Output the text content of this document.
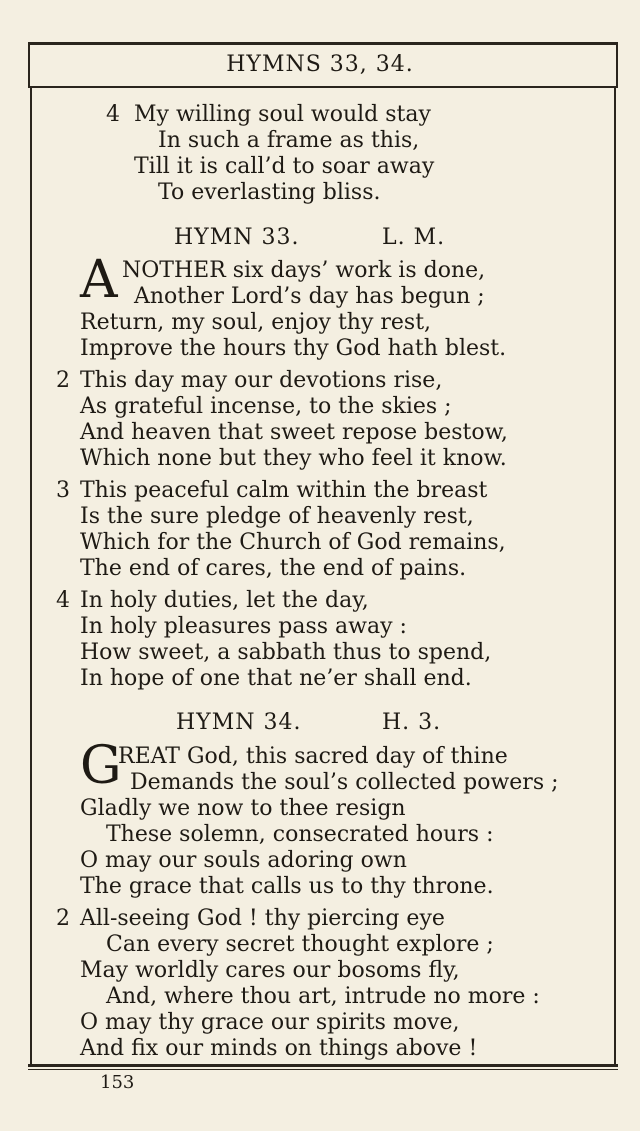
HYMNS 33, 34.
4 My willing soul would stay
In such a frame as this,
Till it is call’d to soar away
To everlasting bliss.
HYMN 33.	L. M.
A NOTHER six days’ work is done,
Another Lord’s day has begun ;
Return, my soul, enjoy thy rest,
Improve the hours thy God hath blest.
2 This day may our devotions rise,
As grateful incense, to the skies ;
And heaven that sweet repose bestow,
Which none but they who feel it know.
3 This peaceful calm within the breast
Is the sure pledge of heavenly rest,
Which for the Church of God remains,
The end of cares, the end of pains.
4 In holy duties, let the day,
In holy pleasures pass away :
How sweet, a sabbath thus to spend,
In hope of one that ne’er shall end.
HYMN 34.	H. 3.
G
REAT God, this sacred day of thine
Demands the soul’s collected powers ;
Gladly we now to thee resign
These solemn, consecrated hours :
O may our souls adoring own
The grace that calls us to thy throne.
2 All-seeing God ! thy piercing eye
Can every secret thought explore ;
May worldly cares our bosoms fly,
And, where thou art, intrude no more :
O may thy grace our spirits move,
And fix our minds on things above !
153
